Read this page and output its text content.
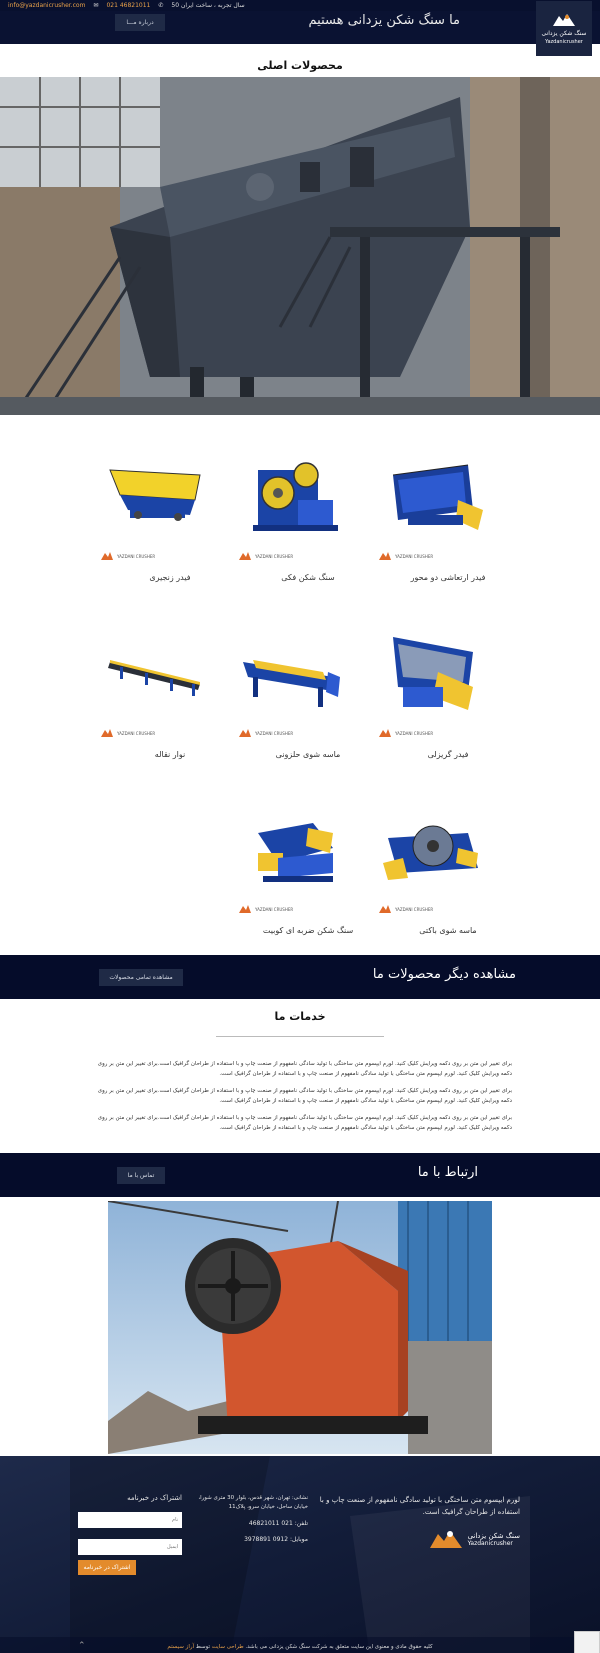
info@yazdanicrusher.com ✉ 021 46821011 ✆ 50 سال تجربه ، ساخت ایران
درباره مـــا	ما سنگ شکن یزدانی هستیم
سنگ شکن یزدانی
Yazdanicrusher
محصولات اصلی
YAZDANI CRUSHER
فیدر ارتعاشی دو محور
YAZDANI CRUSHER
سنگ شکن فکی
YAZDANI CRUSHER
فیدر زنجیری
YAZDANI CRUSHER
فیدر گریزلی
YAZDANI CRUSHER
ماسه شوی حلزونی
YAZDANI CRUSHER
نوار نقاله
YAZDANI CRUSHER
ماسه شوی باکتی
YAZDANI CRUSHER
سنگ شکن ضربه ای کوبیت
مشاهده تمامی محصولات	مشاهده دیگر محصولات ما
خدمات ما
برای تغییر این متن بر روی دکمه ویرایش کلیک کنید. لورم ایپسوم متن ساختگی با تولید سادگی نامفهوم از صنعت چاپ و با استفاده از طراحان گرافیک است.برای تغییر این متن بر روی دکمه ویرایش کلیک کنید. لورم ایپسوم متن ساختگی با تولید سادگی نامفهوم از صنعت چاپ و با استفاده از طراحان گرافیک است.
برای تغییر این متن بر روی دکمه ویرایش کلیک کنید. لورم ایپسوم متن ساختگی با تولید سادگی نامفهوم از صنعت چاپ و با استفاده از طراحان گرافیک است.برای تغییر این متن بر روی دکمه ویرایش کلیک کنید. لورم ایپسوم متن ساختگی با تولید سادگی نامفهوم از صنعت چاپ و با استفاده از طراحان گرافیک است.
برای تغییر این متن بر روی دکمه ویرایش کلیک کنید. لورم ایپسوم متن ساختگی با تولید سادگی نامفهوم از صنعت چاپ و با استفاده از طراحان گرافیک است.برای تغییر این متن بر روی دکمه ویرایش کلیک کنید. لورم ایپسوم متن ساختگی با تولید سادگی نامفهوم از صنعت چاپ و با استفاده از طراحان گرافیک است.
تماس با ما	ارتباط با ما
لورم ایپسوم متن ساختگی با تولید سادگی نامفهوم از صنعت چاپ و با استفاده از طراحان گرافیک است.
سنگ شکن یزدانی
Yazdanicrusher
نشانی: تهران، شهر قدس، بلوار 30 متری شورا، خیابان ساحل، خیابان سرو، پلاک11
تلفن: 021 46821011
موبایل: 0912 3978891
اشتراک در خبرنامه
نام ایمیل
اشتراک در خبرنامه
کلیه حقوق مادی و معنوی این سایت متعلق به شرکت سنگ شکن یزدانی می باشد. طراحی سایت توسط آراز سیستم
⌃
